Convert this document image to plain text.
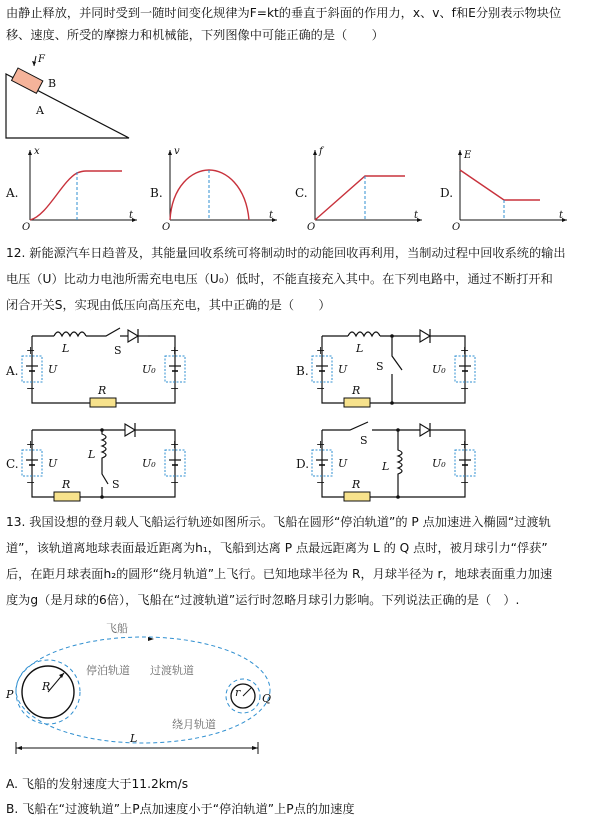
由静止释放，并同时受到一随时间变化规律为F=kt的垂直于斜面的作用力，x、v、f和E分别表示物块位
移、速度、所受的摩擦力和机械能，下列图像中可能正确的是（　　）
F
B
A
A.
x
t
O
B.
v
t
O
C.
f
t
O
D.
E
t
O
12. 新能源汽车日趋普及，其能量回收系统可将制动时的动能回收再利用，当制动过程中回收系统的输出
电压（U）比动力电池所需充电电压（U₀）低时，不能直接充入其中。在下列电路中，通过不断打开和
闭合开关S，实现由低压向高压充电，其中正确的是（　　）
A.
+
−
+
−
L	S
R
U	U₀	B.
+
−
+
−
L
S
R
U	U₀
C.
+
−
+
−
L
S
R
U	U₀	D.
+
−
+
−
L
S
R
U	U₀
13. 我国设想的登月载人飞船运行轨迹如图所示。飞船在圆形“停泊轨道”的 P 点加速进入椭圆“过渡轨
道”，该轨道离地球表面最近距离为h₁，飞船到达离 P 点最远距离为 L 的 Q 点时，被月球引力“俘获”
后，在距月球表面h₂的圆形“绕月轨道”上飞行。已知地球半径为 R，月球半径为 r，地球表面重力加速
度为g（是月球的6倍），飞船在“过渡轨道”运行时忽略月球引力影响。下列说法正确的是（　）.
飞船
停泊轨道 过渡轨道
绕月轨道
P	Q
R	r
L
A. 飞船的发射速度大于11.2km/s
B. 飞船在“过渡轨道”上P点加速度小于“停泊轨道”上P点的加速度
